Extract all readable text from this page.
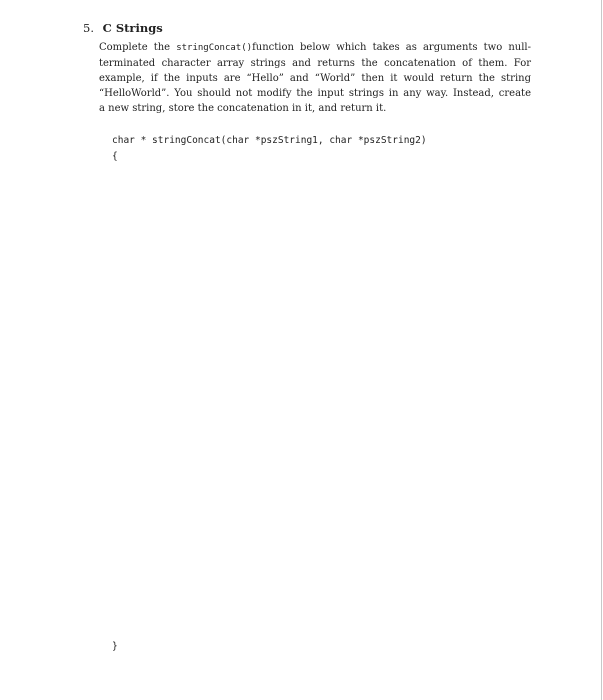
5. C Strings
Complete the stringConcat()function below which takes as arguments two null-
terminated character array strings and returns the concatenation of them. For
example, if the inputs are “Hello” and “World” then it would return the string
“HelloWorld”. You should not modify the input strings in any way. Instead, create
a new string, store the concatenation in it, and return it.
char * stringConcat(char *pszString1, char *pszString2)
{
}
